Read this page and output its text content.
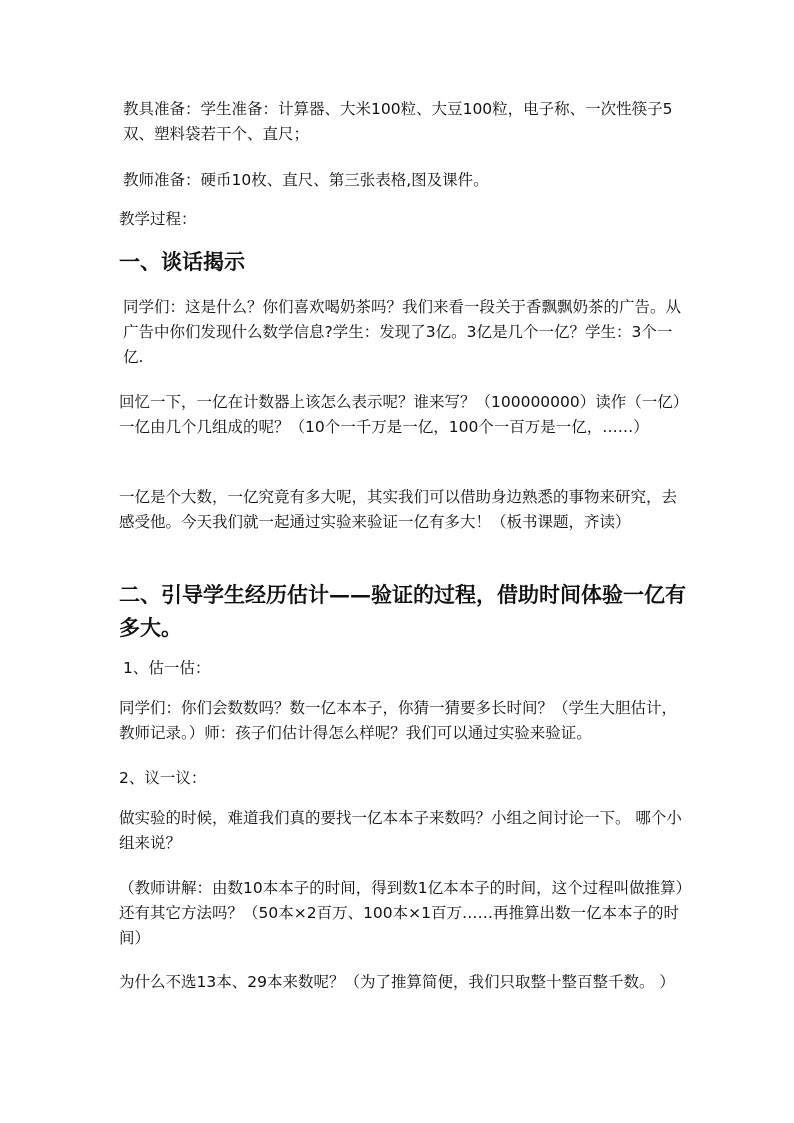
教具准备：学生准备：计算器、大米100粒、大豆100粒，电子称、一次性筷子5双、塑料袋若干个、直尺；
教师准备：硬币10枚、直尺、第三张表格,图及课件。
教学过程：
一、谈话揭示
同学们：这是什么？你们喜欢喝奶茶吗？我们来看一段关于香飘飘奶茶的广告。从广告中你们发现什么数学信息?学生：发现了3亿。3亿是几个一亿？学生：3个一亿.
回忆一下，一亿在计数器上该怎么表示呢？谁来写？（100000000）读作（一亿）一亿由几个几组成的呢？（10个一千万是一亿，100个一百万是一亿，……）
一亿是个大数，一亿究竟有多大呢，其实我们可以借助身边熟悉的事物来研究，去感受他。今天我们就一起通过实验来验证一亿有多大！（板书课题，齐读）
二、引导学生经历估计——验证的过程，借助时间体验一亿有多大。
1、估一估：
同学们：你们会数数吗？数一亿本本子，你猜一猜要多长时间？（学生大胆估计，教师记录。）师：孩子们估计得怎么样呢？我们可以通过实验来验证。
2、议一议：
做实验的时候，难道我们真的要找一亿本本子来数吗？小组之间讨论一下。 哪个小组来说？
（教师讲解：由数10本本子的时间，得到数1亿本本子的时间，这个过程叫做推算）还有其它方法吗？（50本×2百万、100本×1百万……再推算出数一亿本本子的时间）
为什么不选13本、29本来数呢？（为了推算简便，我们只取整十整百整千数。 ）
